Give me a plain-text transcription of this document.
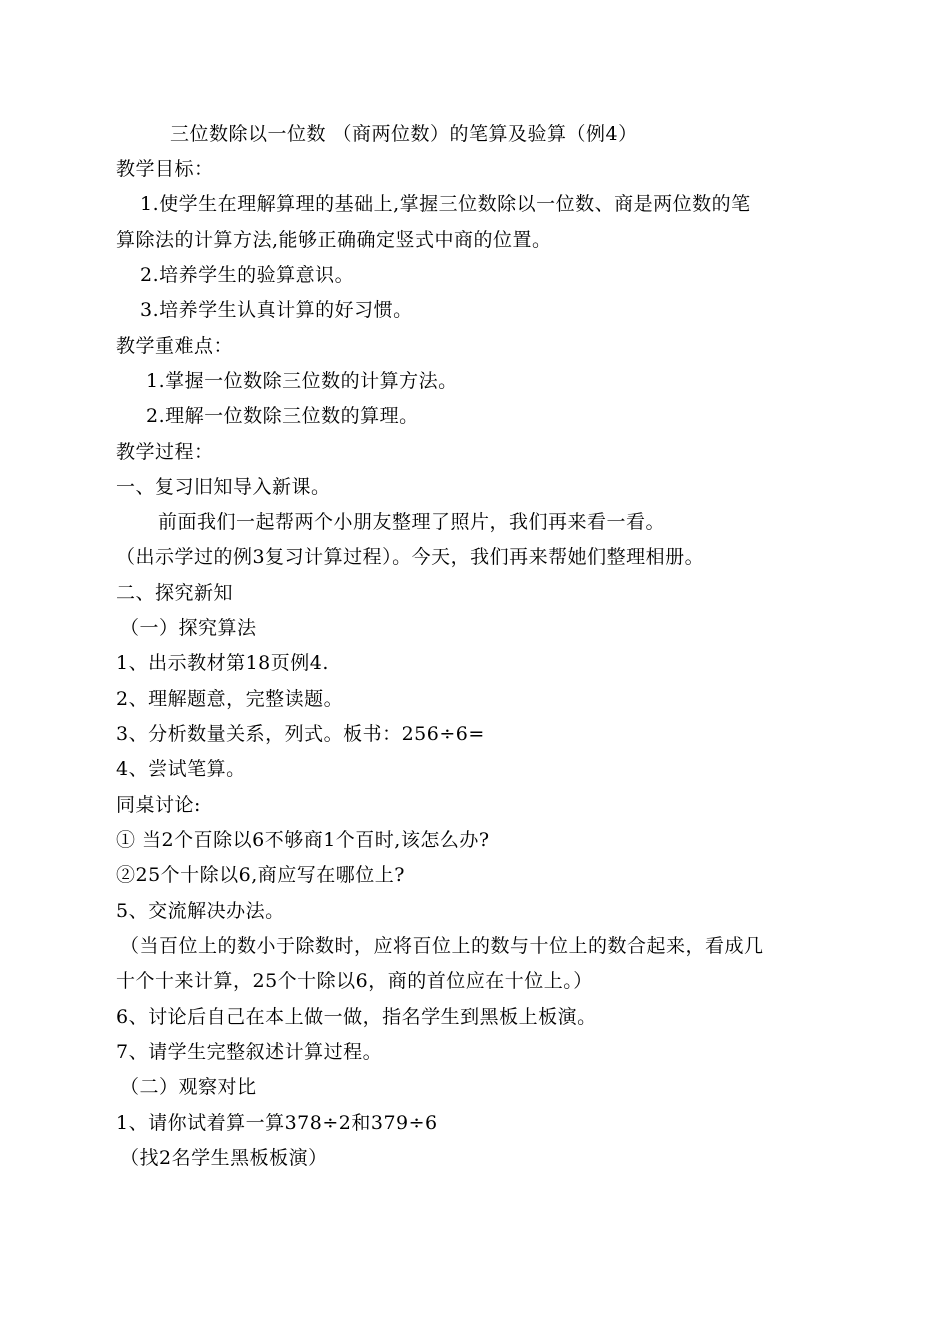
三位数除以一位数 （商两位数）的笔算及验算（例4）
教学目标：
1.使学生在理解算理的基础上,掌握三位数除以一位数、商是两位数的笔
算除法的计算方法,能够正确确定竖式中商的位置。
2.培养学生的验算意识。
3.培养学生认真计算的好习惯。
教学重难点：
1.掌握一位数除三位数的计算方法。
2.理解一位数除三位数的算理。
教学过程：
一、复习旧知导入新课。
前面我们一起帮两个小朋友整理了照片，我们再来看一看。
（出示学过的例3复习计算过程）。今天，我们再来帮她们整理相册。
二、探究新知
（一）探究算法
1、出示教材第18页例4.
2、理解题意，完整读题。
3、分析数量关系，列式。板书：256÷6=
4、尝试笔算。
同桌讨论:
① 当2个百除以6不够商1个百时,该怎么办?
②25个十除以6,商应写在哪位上?
5、交流解决办法。
（当百位上的数小于除数时，应将百位上的数与十位上的数合起来，看成几
十个十来计算，25个十除以6，商的首位应在十位上。）
6、讨论后自己在本上做一做，指名学生到黑板上板演。
7、请学生完整叙述计算过程。
（二）观察对比
1、请你试着算一算378÷2和379÷6
（找2名学生黑板板演）
